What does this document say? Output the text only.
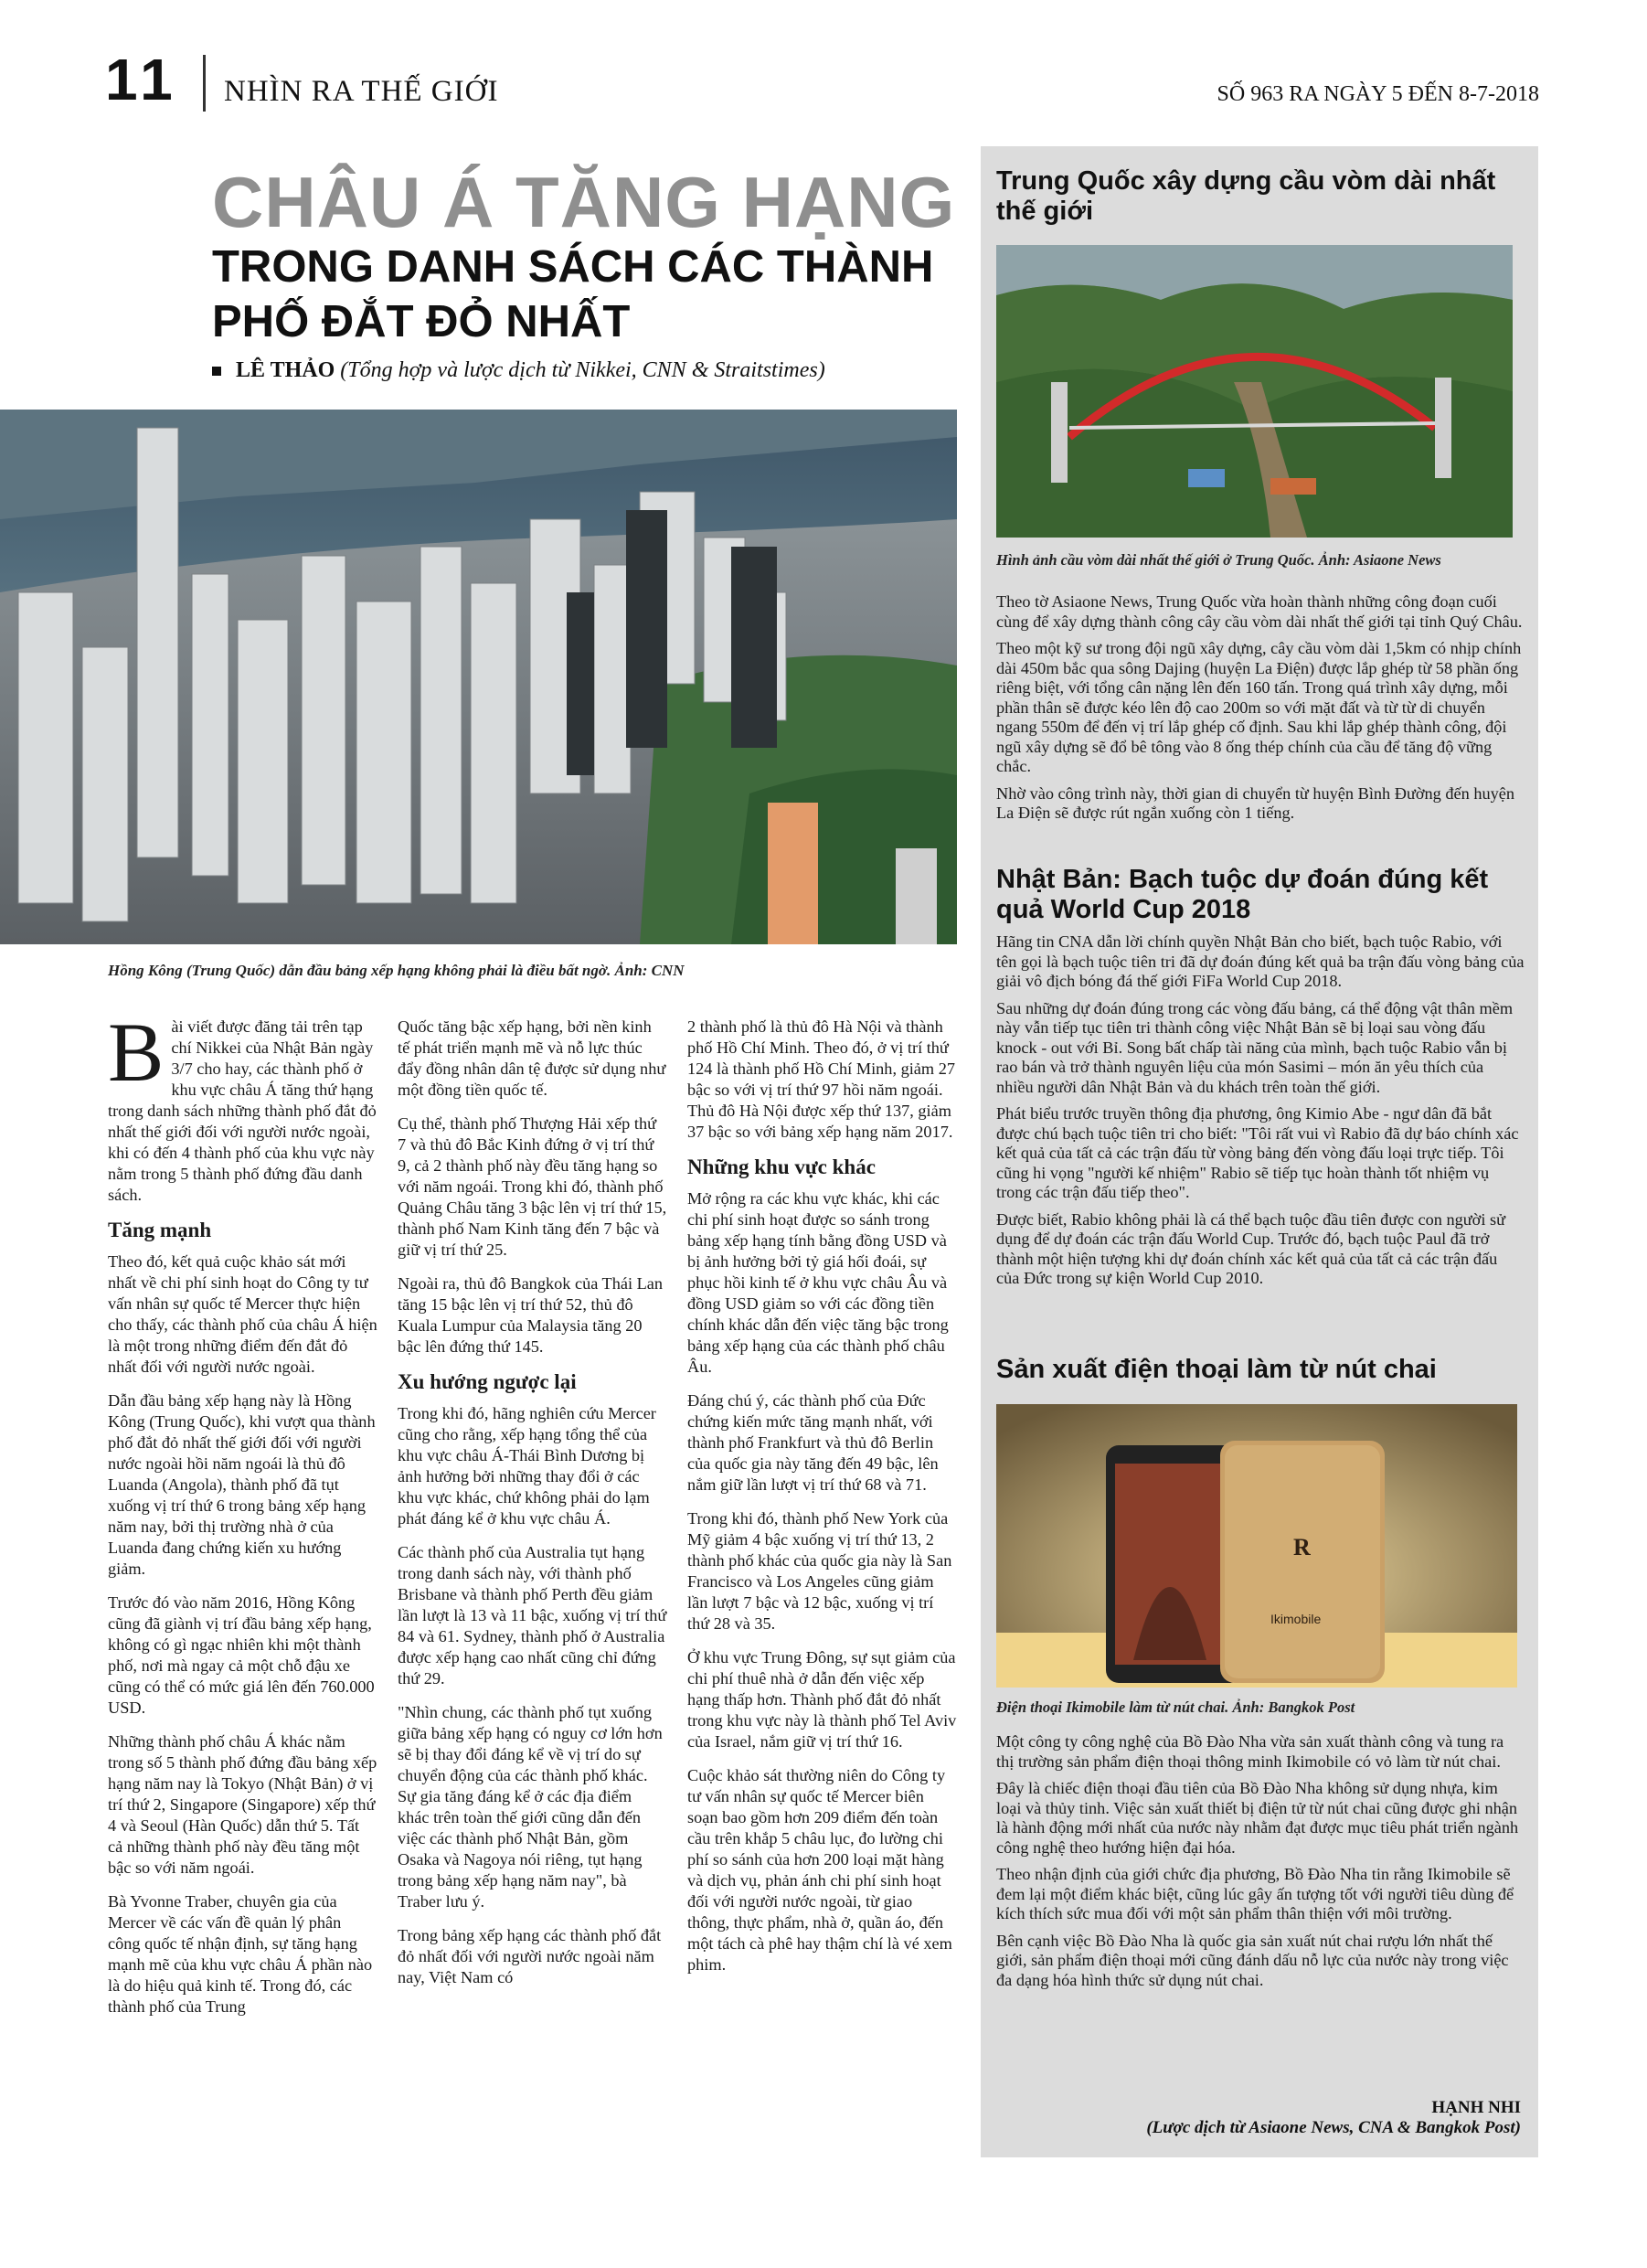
11 NHÌN RA THẾ GIỚI	SỐ 963 RA NGÀY 5 ĐẾN 8-7-2018
CHÂU Á TĂNG HẠNG
TRONG DANH SÁCH CÁC THÀNH PHỐ ĐẮT ĐỎ NHẤT
LÊ THẢO (Tổng hợp và lược dịch từ Nikkei, CNN & Straitstimes)
Hồng Kông (Trung Quốc) dẫn đầu bảng xếp hạng không phải là điều bất ngờ. Ảnh: CNN

Bài viết được đăng tải trên tạp chí Nikkei của Nhật Bản ngày 3/7 cho hay, các thành phố ở khu vực châu Á tăng thứ hạng trong danh sách những thành phố đắt đỏ nhất thế giới đối với người nước ngoài, khi có đến 4 thành phố của khu vực này nằm trong 5 thành phố đứng đầu danh sách.

Tăng mạnh

Theo đó, kết quả cuộc khảo sát mới nhất về chi phí sinh hoạt do Công ty tư vấn nhân sự quốc tế Mercer thực hiện cho thấy, các thành phố của châu Á hiện là một trong những điểm đến đắt đỏ nhất đối với người nước ngoài.

Dẫn đầu bảng xếp hạng này là Hồng Kông (Trung Quốc), khi vượt qua thành phố đắt đỏ nhất thế giới đối với người nước ngoài hồi năm ngoái là thủ đô Luanda (Angola), thành phố đã tụt xuống vị trí thứ 6 trong bảng xếp hạng năm nay, bởi thị trường nhà ở của Luanda đang chứng kiến xu hướng giảm.

Trước đó vào năm 2016, Hồng Kông cũng đã giành vị trí đầu bảng xếp hạng, không có gì ngạc nhiên khi một thành phố, nơi mà ngay cả một chỗ đậu xe cũng có thể có mức giá lên đến 760.000 USD.

Những thành phố châu Á khác nằm trong số 5 thành phố đứng đầu bảng xếp hạng năm nay là Tokyo (Nhật Bản) ở vị trí thứ 2, Singapore (Singapore) xếp thứ 4 và Seoul (Hàn Quốc) dẫn thứ 5. Tất cả những thành phố này đều tăng một bậc so với năm ngoái.

Bà Yvonne Traber, chuyên gia của Mercer về các vấn đề quản lý phân công quốc tế nhận định, sự tăng hạng mạnh mẽ của khu vực châu Á phần nào là do hiệu quả kinh tế. Trong đó, các thành phố của Trung

Quốc tăng bậc xếp hạng, bởi nền kinh tế phát triển mạnh mẽ và nỗ lực thúc đẩy đồng nhân dân tệ được sử dụng như một đồng tiền quốc tế.

Cụ thể, thành phố Thượng Hải xếp thứ 7 và thủ đô Bắc Kinh đứng ở vị trí thứ 9, cả 2 thành phố này đều tăng hạng so với năm ngoái. Trong khi đó, thành phố Quảng Châu tăng 3 bậc lên vị trí thứ 15, thành phố Nam Kinh tăng đến 7 bậc và giữ vị trí thứ 25.

Ngoài ra, thủ đô Bangkok của Thái Lan tăng 15 bậc lên vị trí thứ 52, thủ đô Kuala Lumpur của Malaysia tăng 20 bậc lên đứng thứ 145.

Xu hướng ngược lại

Trong khi đó, hãng nghiên cứu Mercer cũng cho rằng, xếp hạng tổng thể của khu vực châu Á-Thái Bình Dương bị ảnh hưởng bởi những thay đổi ở các khu vực khác, chứ không phải do lạm phát đáng kể ở khu vực châu Á.

Các thành phố của Australia tụt hạng trong danh sách này, với thành phố Brisbane và thành phố Perth đều giảm lần lượt là 13 và 11 bậc, xuống vị trí thứ 84 và 61. Sydney, thành phố ở Australia được xếp hạng cao nhất cũng chỉ đứng thứ 29.

"Nhìn chung, các thành phố tụt xuống giữa bảng xếp hạng có nguy cơ lớn hơn sẽ bị thay đổi đáng kể về vị trí do sự chuyển động của các thành phố khác. Sự gia tăng đáng kể ở các địa điểm khác trên toàn thế giới cũng dẫn đến việc các thành phố Nhật Bản, gồm Osaka và Nagoya nói riêng, tụt hạng trong bảng xếp hạng năm nay", bà Traber lưu ý.

Trong bảng xếp hạng các thành phố đắt đỏ nhất đối với người nước ngoài năm nay, Việt Nam có

2 thành phố là thủ đô Hà Nội và thành phố Hồ Chí Minh. Theo đó, ở vị trí thứ 124 là thành phố Hồ Chí Minh, giảm 27 bậc so với vị trí thứ 97 hồi năm ngoái. Thủ đô Hà Nội được xếp thứ 137, giảm 37 bậc so với bảng xếp hạng năm 2017.

Những khu vực khác

Mở rộng ra các khu vực khác, khi các chi phí sinh hoạt được so sánh trong bảng xếp hạng tính bằng đồng USD và bị ảnh hưởng bởi tỷ giá hối đoái, sự phục hồi kinh tế ở khu vực châu Âu và đồng USD giảm so với các đồng tiền chính khác dẫn đến việc tăng bậc trong bảng xếp hạng của các thành phố châu Âu.

Đáng chú ý, các thành phố của Đức chứng kiến mức tăng mạnh nhất, với thành phố Frankfurt và thủ đô Berlin của quốc gia này tăng đến 49 bậc, lên nắm giữ lần lượt vị trí thứ 68 và 71.

Trong khi đó, thành phố New York của Mỹ giảm 4 bậc xuống vị trí thứ 13, 2 thành phố khác của quốc gia này là San Francisco và Los Angeles cũng giảm lần lượt 7 bậc và 12 bậc, xuống vị trí thứ 28 và 35.

Ở khu vực Trung Đông, sự sụt giảm của chi phí thuê nhà ở dẫn đến việc xếp hạng thấp hơn. Thành phố đắt đỏ nhất trong khu vực này là thành phố Tel Aviv của Israel, nắm giữ vị trí thứ 16.

Cuộc khảo sát thường niên do Công ty tư vấn nhân sự quốc tế Mercer biên soạn bao gồm hơn 209 điểm đến toàn cầu trên khắp 5 châu lục, đo lường chi phí so sánh của hơn 200 loại mặt hàng và dịch vụ, phản ánh chi phí sinh hoạt đối với người nước ngoài, từ giao thông, thực phẩm, nhà ở, quần áo, đến một tách cà phê hay thậm chí là vé xem phim.

Trung Quốc xây dựng cầu vòm dài nhất thế giới
Hình ảnh cầu vòm dài nhất thế giới ở Trung Quốc. Ảnh: Asiaone News

Theo tờ Asiaone News, Trung Quốc vừa hoàn thành những công đoạn cuối cùng để xây dựng thành công cây cầu vòm dài nhất thế giới tại tỉnh Quý Châu.

Theo một kỹ sư trong đội ngũ xây dựng, cây cầu vòm dài 1,5km có nhịp chính dài 450m bắc qua sông Dajing (huyện La Điện) được lắp ghép từ 58 phần ống riêng biệt, với tổng cân nặng lên đến 160 tấn. Trong quá trình xây dựng, mỗi phần thân sẽ được kéo lên độ cao 200m so với mặt đất và từ từ di chuyển ngang 550m để đến vị trí lắp ghép cố định. Sau khi lắp ghép thành công, đội ngũ xây dựng sẽ đổ bê tông vào 8 ống thép chính của cầu để tăng độ vững chắc.

Nhờ vào công trình này, thời gian di chuyển từ huyện Bình Đường đến huyện La Điện sẽ được rút ngắn xuống còn 1 tiếng.

Nhật Bản: Bạch tuộc dự đoán đúng kết quả World Cup 2018

Hãng tin CNA dẫn lời chính quyền Nhật Bản cho biết, bạch tuộc Rabio, với tên gọi là bạch tuộc tiên tri đã dự đoán đúng kết quả ba trận đấu vòng bảng của giải vô địch bóng đá thế giới FiFa World Cup 2018.

Sau những dự đoán đúng trong các vòng đấu bảng, cá thể động vật thân mềm này vẫn tiếp tục tiên tri thành công việc Nhật Bản sẽ bị loại sau vòng đấu knock - out với Bỉ. Song bất chấp tài năng của mình, bạch tuộc Rabio vẫn bị rao bán và trở thành nguyên liệu của món Sasimi – món ăn yêu thích của nhiều người dân Nhật Bản và du khách trên toàn thế giới.

Phát biểu trước truyền thông địa phương, ông Kimio Abe - ngư dân đã bắt được chú bạch tuộc tiên tri cho biết: "Tôi rất vui vì Rabio đã dự báo chính xác kết quả của tất cả các trận đấu từ vòng bảng đến vòng đấu loại trực tiếp. Tôi cũng hi vọng "người kế nhiệm" Rabio sẽ tiếp tục hoàn thành tốt nhiệm vụ trong các trận đấu tiếp theo".

Được biết, Rabio không phải là cá thể bạch tuộc đầu tiên được con người sử dụng để dự đoán các trận đấu World Cup. Trước đó, bạch tuộc Paul đã trở thành một hiện tượng khi dự đoán chính xác kết quả của tất cả các trận đấu của Đức trong sự kiện World Cup 2010.

Sản xuất điện thoại làm từ nút chai
R
Ikimobile
Điện thoại Ikimobile làm từ nút chai. Ảnh: Bangkok Post

Một công ty công nghệ của Bồ Đào Nha vừa sản xuất thành công và tung ra thị trường sản phẩm điện thoại thông minh Ikimobile có vỏ làm từ nút chai.

Đây là chiếc điện thoại đầu tiên của Bồ Đào Nha không sử dụng nhựa, kim loại và thủy tinh. Việc sản xuất thiết bị điện tử từ nút chai cũng được ghi nhận là hành động mới nhất của nước này nhằm đạt được mục tiêu phát triển ngành công nghệ theo hướng hiện đại hóa.

Theo nhận định của giới chức địa phương, Bồ Đào Nha tin rằng Ikimobile sẽ đem lại một điểm khác biệt, cũng lúc gây ấn tượng tốt với người tiêu dùng để kích thích sức mua đối với một sản phẩm thân thiện với môi trường.

Bên cạnh việc Bồ Đào Nha là quốc gia sản xuất nút chai rượu lớn nhất thế giới, sản phẩm điện thoại mới cũng đánh dấu nỗ lực của nước này trong việc đa dạng hóa hình thức sử dụng nút chai.

HẠNH NHI
(Lược dịch từ Asiaone News, CNA & Bangkok Post)
